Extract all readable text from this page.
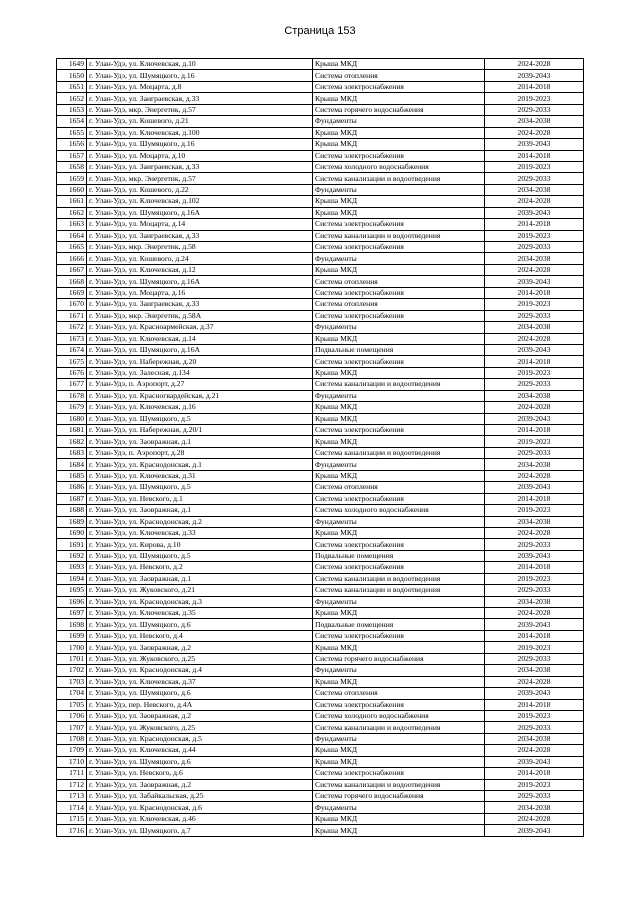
Страница 153
1649	г. Улан-Удэ, ул. Ключевская, д.10	Крыша МКД	2024-2028
1650	г. Улан-Удэ, ул. Шумяцкого, д.16	Система отопления	2039-2043
1651	г. Улан-Удэ, ул. Моцарта, д.8	Система электроснабжения	2014-2018
1652	г. Улан-Удэ, ул. Заиграевская, д.33	Крыша МКД	2019-2023
1653	г. Улан-Удэ, мкр. Энергетик, д.57	Система горячего водоснабжения	2029-2033
1654	г. Улан-Удэ, ул. Кошевого, д.21	Фундаменты	2034-2038
1655	г. Улан-Удэ, ул. Ключевская, д.100	Крыша МКД	2024-2028
1656	г. Улан-Удэ, ул. Шумяцкого, д.16	Крыша МКД	2039-2043
1657	г. Улан-Удэ, ул. Моцарта, д.10	Система электроснабжения	2014-2018
1658	г. Улан-Удэ, ул. Заиграевская, д.33	Система холодного водоснабжения	2019-2023
1659	г. Улан-Удэ, мкр. Энергетик, д.57	Система канализации и водоотведения	2029-2033
1660	г. Улан-Удэ, ул. Кошевого, д.22	Фундаменты	2034-2038
1661	г. Улан-Удэ, ул. Ключевская, д.102	Крыша МКД	2024-2028
1662	г. Улан-Удэ, ул. Шумяцкого, д.16А	Крыша МКД	2039-2043
1663	г. Улан-Удэ, ул. Моцарта, д.14	Система электроснабжения	2014-2018
1664	г. Улан-Удэ, ул. Заиграевская, д.33	Система канализации и водоотведения	2019-2023
1665	г. Улан-Удэ, мкр. Энергетик, д.58	Система электроснабжения	2029-2033
1666	г. Улан-Удэ, ул. Кошевого, д.24	Фундаменты	2034-2038
1667	г. Улан-Удэ, ул. Ключевская, д.12	Крыша МКД	2024-2028
1668	г. Улан-Удэ, ул. Шумяцкого, д.16А	Система отопления	2039-2043
1669	г. Улан-Удэ, ул. Моцарта, д.16	Система электроснабжения	2014-2018
1670	г. Улан-Удэ, ул. Заиграевская, д.33	Система отопления	2019-2023
1671	г. Улан-Удэ, мкр. Энергетик, д.58А	Система электроснабжения	2029-2033
1672	г. Улан-Удэ, ул. Красноармейская, д.37	Фундаменты	2034-2038
1673	г. Улан-Удэ, ул. Ключевская, д.14	Крыша МКД	2024-2028
1674	г. Улан-Удэ, ул. Шумяцкого, д.16А	Подвальные помещения	2039-2043
1675	г. Улан-Удэ, ул. Набережная, д.20	Система электроснабжения	2014-2018
1676	г. Улан-Удэ, ул. Залесная, д.134	Крыша МКД	2019-2023
1677	г. Улан-Удэ, п. Аэропорт, д.27	Система канализации и водоотведения	2029-2033
1678	г. Улан-Удэ, ул. Красногвардейская, д.21	Фундаменты	2034-2038
1679	г. Улан-Удэ, ул. Ключевская, д.16	Крыша МКД	2024-2028
1680	г. Улан-Удэ, ул. Шумяцкого, д.5	Крыша МКД	2039-2043
1681	г. Улан-Удэ, ул. Набережная, д.20/1	Система электроснабжения	2014-2018
1682	г. Улан-Удэ, ул. Заовражная, д.1	Крыша МКД	2019-2023
1683	г. Улан-Удэ, п. Аэропорт, д.28	Система канализации и водоотведения	2029-2033
1684	г. Улан-Удэ, ул. Краснодонская, д.1	Фундаменты	2034-2038
1685	г. Улан-Удэ, ул. Ключевская, д.31	Крыша МКД	2024-2028
1686	г. Улан-Удэ, ул. Шумяцкого, д.5	Система отопления	2039-2043
1687	г. Улан-Удэ, ул. Невского, д.1	Система электроснабжения	2014-2018
1688	г. Улан-Удэ, ул. Заовражная, д.1	Система холодного водоснабжения	2019-2023
1689	г. Улан-Удэ, ул. Краснодонская, д.2	Фундаменты	2034-2038
1690	г. Улан-Удэ, ул. Ключевская, д.33	Крыша МКД	2024-2028
1691	г. Улан-Удэ, ул. Кирова, д.10	Система электроснабжения	2029-2033
1692	г. Улан-Удэ, ул. Шумяцкого, д.5	Подвальные помещения	2039-2043
1693	г. Улан-Удэ, ул. Невского, д.2	Система электроснабжения	2014-2018
1694	г. Улан-Удэ, ул. Заовражная, д.1	Система канализации и водоотведения	2019-2023
1695	г. Улан-Удэ, ул. Жуковского, д.21	Система канализации и водоотведения	2029-2033
1696	г. Улан-Удэ, ул. Краснодонская, д.3	Фундаменты	2034-2038
1697	г. Улан-Удэ, ул. Ключевская, д.35	Крыша МКД	2024-2028
1698	г. Улан-Удэ, ул. Шумяцкого, д.6	Подвальные помещения	2039-2043
1699	г. Улан-Удэ, ул. Невского, д.4	Система электроснабжения	2014-2018
1700	г. Улан-Удэ, ул. Заовражная, д.2	Крыша МКД	2019-2023
1701	г. Улан-Удэ, ул. Жуковского, д.25	Система горячего водоснабжения	2029-2033
1702	г. Улан-Удэ, ул. Краснодонская, д.4	Фундаменты	2034-2038
1703	г. Улан-Удэ, ул. Ключевская, д.37	Крыша МКД	2024-2028
1704	г. Улан-Удэ, ул. Шумяцкого, д.6	Система отопления	2039-2043
1705	г. Улан-Удэ, пер. Невского, д.4А	Система электроснабжения	2014-2018
1706	г. Улан-Удэ, ул. Заовражная, д.2	Система холодного водоснабжения	2019-2023
1707	г. Улан-Удэ, ул. Жуковского, д.25	Система канализации и водоотведения	2029-2033
1708	г. Улан-Удэ, ул. Краснодонская, д.5	Фундаменты	2034-2038
1709	г. Улан-Удэ, ул. Ключевская, д.44	Крыша МКД	2024-2028
1710	г. Улан-Удэ, ул. Шумяцкого, д.6	Крыша МКД	2039-2043
1711	г. Улан-Удэ, ул. Невского, д.6	Система электроснабжения	2014-2018
1712	г. Улан-Удэ, ул. Заовражная, д.2	Система канализации и водоотведения	2019-2023
1713	г. Улан-Удэ, ул. Забайкальская, д.25	Система горячего водоснабжения	2029-2033
1714	г. Улан-Удэ, ул. Краснодонская, д.6	Фундаменты	2034-2038
1715	г. Улан-Удэ, ул. Ключевская, д.46	Крыша МКД	2024-2028
1716	г. Улан-Удэ, ул. Шумяцкого, д.7	Крыша МКД	2039-2043
